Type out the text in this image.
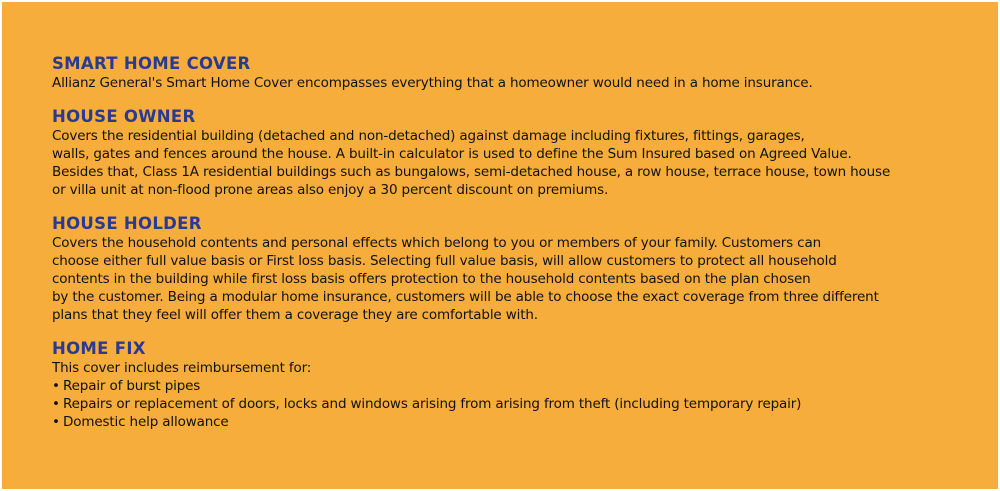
SMART HOME COVER

Allianz General's Smart Home Cover encompasses everything that a homeowner would need in a home insurance.

HOUSE OWNER

Covers the residential building (detached and non-detached) against damage including fixtures, fittings, garages,

walls, gates and fences around the house. A built-in calculator is used to define the Sum Insured based on Agreed Value.

Besides that, Class 1A residential buildings such as bungalows, semi-detached house, a row house, terrace house, town house

or villa unit at non-flood prone areas also enjoy a 30 percent discount on premiums.

HOUSE HOLDER

Covers the household contents and personal effects which belong to you or members of your family. Customers can

choose either full value basis or First loss basis. Selecting full value basis, will allow customers to protect all household

contents in the building while first loss basis offers protection to the household contents based on the plan chosen

by the customer. Being a modular home insurance, customers will be able to choose the exact coverage from three different

plans that they feel will offer them a coverage they are comfortable with.

HOME FIX

This cover includes reimbursement for:

• Repair of burst pipes
• Repairs or replacement of doors, locks and windows arising from arising from theft (including temporary repair)
• Domestic help allowance
